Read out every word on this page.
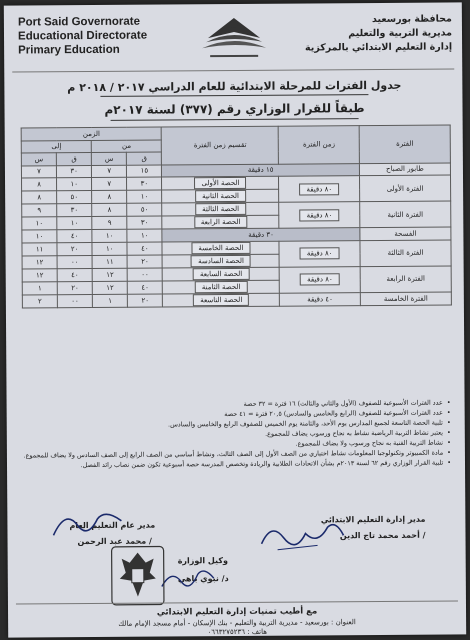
Port Said Governorate
Educational Directorate
Primary Education
محافظة بورسعيد
مديرية التربية والتعليم
إدارة التعليم الابتدائي بالمركزية
جدول الفترات للمرحلة الابتدائية للعام الدراسي ٢٠١٧ / ٢٠١٨ م
طبقاً للقرار الوزاري رقم (٣٧٧) لسنة ٢٠١٧م
الفترة	زمن الفترة	تقسيم زمن الفترة	الزمن			
			من		إلى	
			ق	س	ق	س
طابور الصباح	١٥ دقيقة		١٥	٧	٣٠	٧
الفترة الأولى	٨٠ دقيقة	الحصة الأولى	٣٠	٧	١٠	٨
		الحصة الثانية	١٠	٨	٥٠	٨
الفترة الثانية	٨٠ دقيقة	الحصة الثالثة	٥٠	٨	٣٠	٩
		الحصة الرابعة	٣٠	٩	١٠	١٠
الفسحة	٣٠ دقيقة		١٠	١٠	٤٠	١٠
الفترة الثالثة	٨٠ دقيقة	الحصة الخامسة	٤٠	١٠	٢٠	١١
		الحصة السادسة	٢٠	١١	٠٠	١٢
الفترة الرابعة	٨٠ دقيقة	الحصة السابعة	٠٠	١٢	٤٠	١٢
		الحصة الثامنة	٤٠	١٢	٢٠	١
الفترة الخامسة	٤٠ دقيقة	الحصة التاسعة	٢٠	١	٠٠	٢
• عدد الفترات الأسبوعية للصفوف (الأول والثاني والثالث) ١٦ فترة = ٣٢ حصة
• عدد الفترات الأسبوعية للصفوف (الرابع والخامس والسادس) ٢٠,٥ فترة = ٤١ حصة
• تلبية الحصة التاسعة لجميع المدارس يوم الأحد، والثامنة يوم الخميس للصفوف الرابع والخامس والسادس.
• يعتبر نشاط التربية الرياضية نشاط به نجاح ورسوب يضاف للمجموع.
• نشاط التربية الفنية به نجاح ورسوب ولا يضاف للمجموع.
• مادة الكمبيوتر وتكنولوجيا المعلومات نشاط اختياري من الصف الأول إلى الصف الثالث، ونشاط أساسي من الصف الرابع إلى الصف السادس ولا يضاف للمجموع.
• تلبية القرار الوزاري رقم ٦٢ لسنة ٢٠١٣م بشأن الاتحادات الطلابية والريادة وتخصص المدرسة حصة أسبوعية تكون ضمن نصاب رائد الفصل.
مدير إدارة التعليم الابتدائي
/ أحمد محمد تاج الدين
مدير عام التعليم العام
/ محمد عبد الرحمن
وكيل الوزارة
د/ نبوي باهي
مع أطيب تمنيات إدارة التعليم الابتدائي
العنوان : بورسعيد - مديرية التربية والتعليم - بنك الإسكان - أمام مسجد الإمام مالك
هاتف : ٠٦٦٣٢٧٥٢٣٦
